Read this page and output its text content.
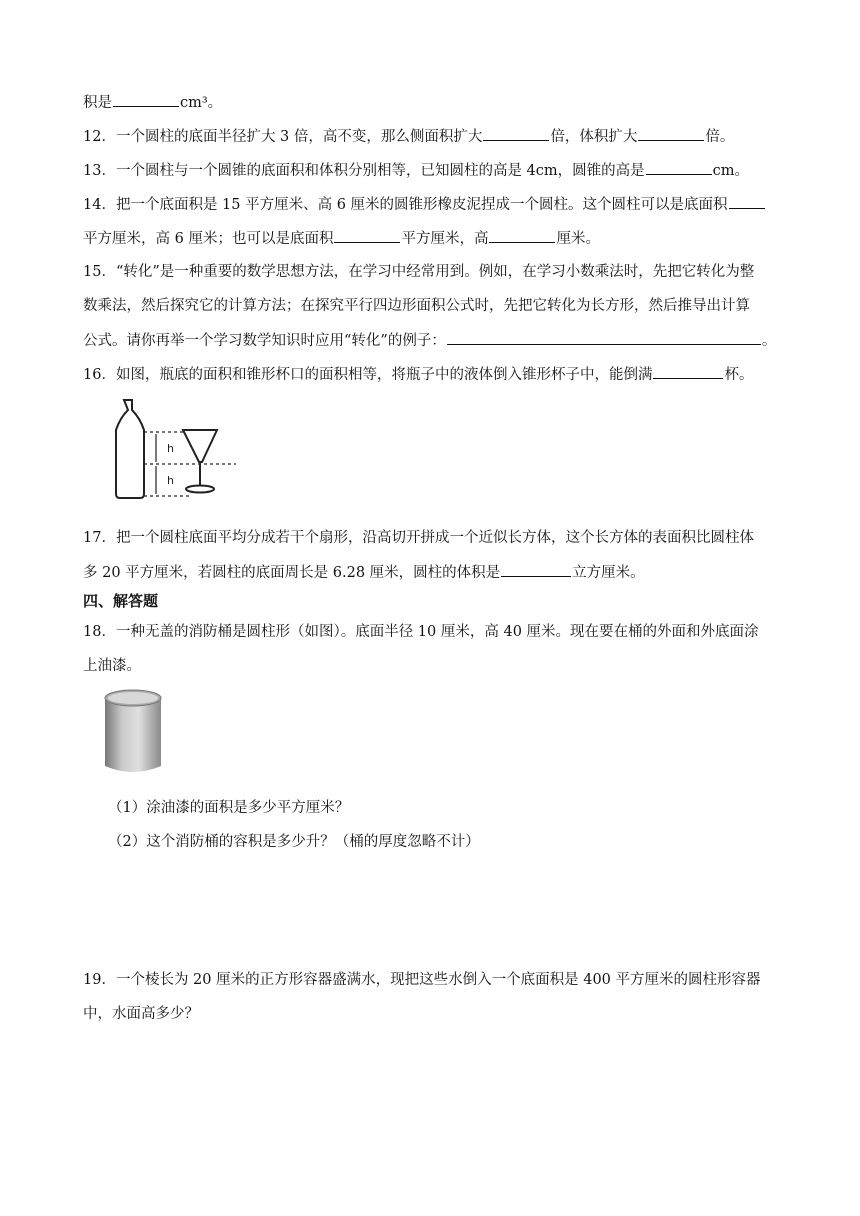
积是	cm³。
12．一个圆柱的底面半径扩大 3 倍，高不变，那么侧面积扩大	倍，体积扩大	倍。
13．一个圆柱与一个圆锥的底面积和体积分别相等，已知圆柱的高是 4cm，圆锥的高是	cm。
14．把一个底面积是 15 平方厘米、高 6 厘米的圆锥形橡皮泥捏成一个圆柱。这个圆柱可以是底面积
平方厘米，高 6 厘米；也可以是底面积	平方厘米，高	厘米。
15．“转化”是一种重要的数学思想方法，在学习中经常用到。例如，在学习小数乘法时，先把它转化为整
数乘法，然后探究它的计算方法；在探究平行四边形面积公式时，先把它转化为长方形，然后推导出计算
公式。请你再举一个学习数学知识时应用“转化”的例子：	。
16．如图，瓶底的面积和锥形杯口的面积相等，将瓶子中的液体倒入锥形杯子中，能倒满	杯。
h
h
17．把一个圆柱底面平均分成若干个扇形，沿高切开拼成一个近似长方体，这个长方体的表面积比圆柱体
多 20 平方厘米，若圆柱的底面周长是 6.28 厘米，圆柱的体积是	立方厘米。
四、解答题
18．一种无盖的消防桶是圆柱形（如图）。底面半径 10 厘米，高 40 厘米。现在要在桶的外面和外底面涂
上油漆。
（1）涂油漆的面积是多少平方厘米？
（2）这个消防桶的容积是多少升？（桶的厚度忽略不计）
19．一个棱长为 20 厘米的正方形容器盛满水，现把这些水倒入一个底面积是 400 平方厘米的圆柱形容器
中，水面高多少？
